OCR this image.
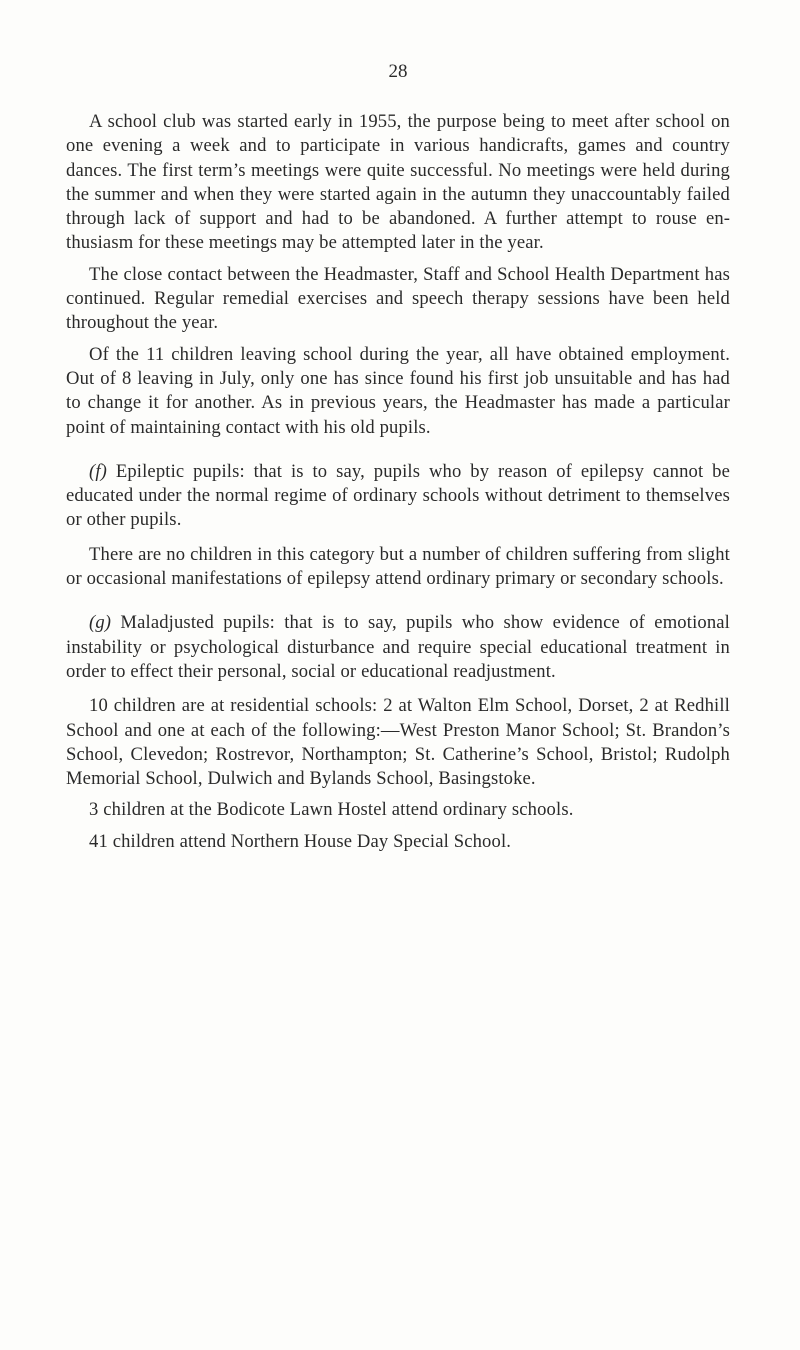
28

A school club was started early in 1955, the purpose being to meet after school on one evening a week and to participate in various handicrafts, games and country dances. The first term’s meetings were quite successful. No meetings were held during the summer and when they were started again in the autumn they unaccountably failed through lack of support and had to be abandoned. A further attempt to rouse enthusiasm for these meetings may be attempted later in the year.

The close contact between the Headmaster, Staff and School Health Department has continued. Regular remedial exercises and speech therapy sessions have been held throughout the year.

Of the 11 children leaving school during the year, all have obtained employment. Out of 8 leaving in July, only one has since found his first job unsuitable and has had to change it for another. As in previous years, the Headmaster has made a particular point of maintaining contact with his old pupils.

(f) Epileptic pupils: that is to say, pupils who by reason of epilepsy cannot be educated under the normal regime of ordinary schools without detriment to themselves or other pupils.

There are no children in this category but a number of children suffering from slight or occasional manifestations of epilepsy attend ordinary primary or secondary schools.

(g) Maladjusted pupils: that is to say, pupils who show evidence of emotional instability or psychological disturbance and require special educational treatment in order to effect their personal, social or educational readjustment.

10 children are at residential schools: 2 at Walton Elm School, Dorset, 2 at Redhill School and one at each of the following:—West Preston Manor School; St. Brandon’s School, Clevedon; Rostrevor, Northampton; St. Catherine’s School, Bristol; Rudolph Memorial School, Dulwich and Bylands School, Basingstoke.

3 children at the Bodicote Lawn Hostel attend ordinary schools.

41 children attend Northern House Day Special School.
